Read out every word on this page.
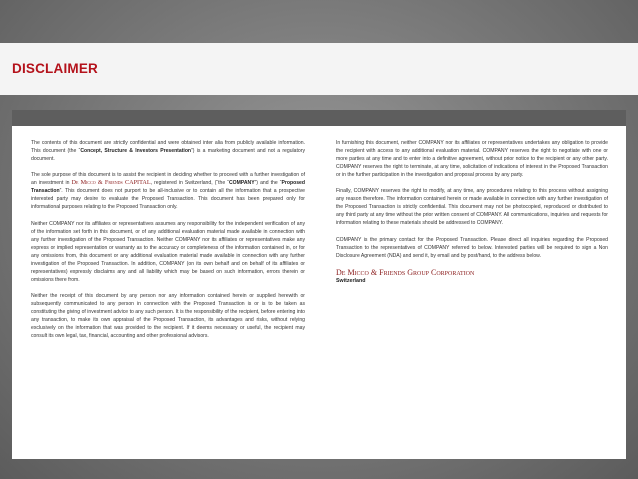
DISCLAIMER

The contents of this document are strictly confidential and were obtained inter alia from publicly available information. This document (the “Concept, Structure & Investors Presentation”) is a marketing document and not a regulatory document.

The sole purpose of this document is to assist the recipient in deciding whether to proceed with a further investigation of an investment in De Micco & Friends CAPITAL, registered in Switzerland, (“the “COMPANY”) and the “Proposed Transaction”. This document does not purport to be all-inclusive or to contain all the information that a prospective interested party may desire to evaluate the Proposed Transaction. This document has been prepared only for informational purposes relating to the Proposed Transaction only.

Neither COMPANY nor its affiliates or representatives assumes any responsibility for the independent verification of any of the information set forth in this document, or of any additional evaluation material made available in connection with any further investigation of the Proposed Transaction. Neither COMPANY nor its affiliates or representatives make any express or implied representation or warranty as to the accuracy or completeness of the information contained in, or for any omissions from, this document or any additional evaluation material made available in connection with any further investigation of the Proposed Transaction. In addition, COMPANY (on its own behalf and on behalf of its affiliates or representatives) expressly disclaims any and all liability which may be based on such information, errors therein or omissions there from.

Neither the receipt of this document by any person nor any information contained herein or supplied herewith or subsequently communicated to any person in connection with the Proposed Transaction is or is to be taken as constituting the giving of investment advice to any such person. It is the responsibility of the recipient, before entering into any transaction, to make its own appraisal of the Proposed Transaction, its advantages and risks, without relying exclusively on the information that was provided to the recipient. If it deems necessary or useful, the recipient may consult its own legal, tax, financial, accounting and other professional advisors.

In furnishing this document, neither COMPANY nor its affiliates or representatives undertakes any obligation to provide the recipient with access to any additional evaluation material. COMPANY reserves the right to negotiate with one or more parties at any time and to enter into a definitive agreement, without prior notice to the recipient or any other party. COMPANY reserves the right to terminate, at any time, solicitation of indications of interest in the Proposed Transaction or in the further participation in the investigation and proposal process by any party.

Finally, COMPANY reserves the right to modify, at any time, any procedures relating to this process without assigning any reason therefore. The information contained herein or made available in connection with any further investigation of the Proposed Transaction is strictly confidential. This document may not be photocopied, reproduced or distributed to any third party at any time without the prior written consent of COMPANY. All communications, inquiries and requests for information relating to these materials should be addressed to COMPANY.

COMPANY is the primary contact for the Proposed Transaction. Please direct all inquiries regarding the Proposed Transaction to the representatives of COMPANY referred to below. Interested parties will be required to sign a Non Disclosure Agreement (NDA) and send it, by email and by post/hand, to the address below.

De Micco & Friends Group Corporation
Switzerland
